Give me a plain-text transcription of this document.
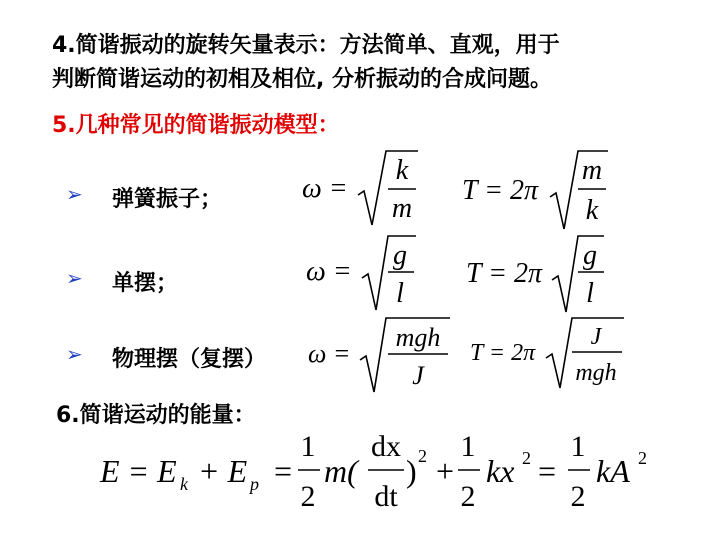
4.简谐振动的旋转矢量表示：方法简单、直观，用于
判断简谐运动的初相及相位, 分析振动的合成问题。
5.几种常见的简谐振动模型：
➢ 弹簧振子；	ω =
k
m
T = 2π
m
k
➢ 单摆；	ω =
g
l
T = 2π
g
l
➢ 物理摆（复摆） ω =
mgh
J
T = 2π
J
mgh
6.简谐运动的能量：
E = E k + E p =
1
2
m(
dx
dt
) 2 +
1
2
kx 2 =
1
2
kA 2
